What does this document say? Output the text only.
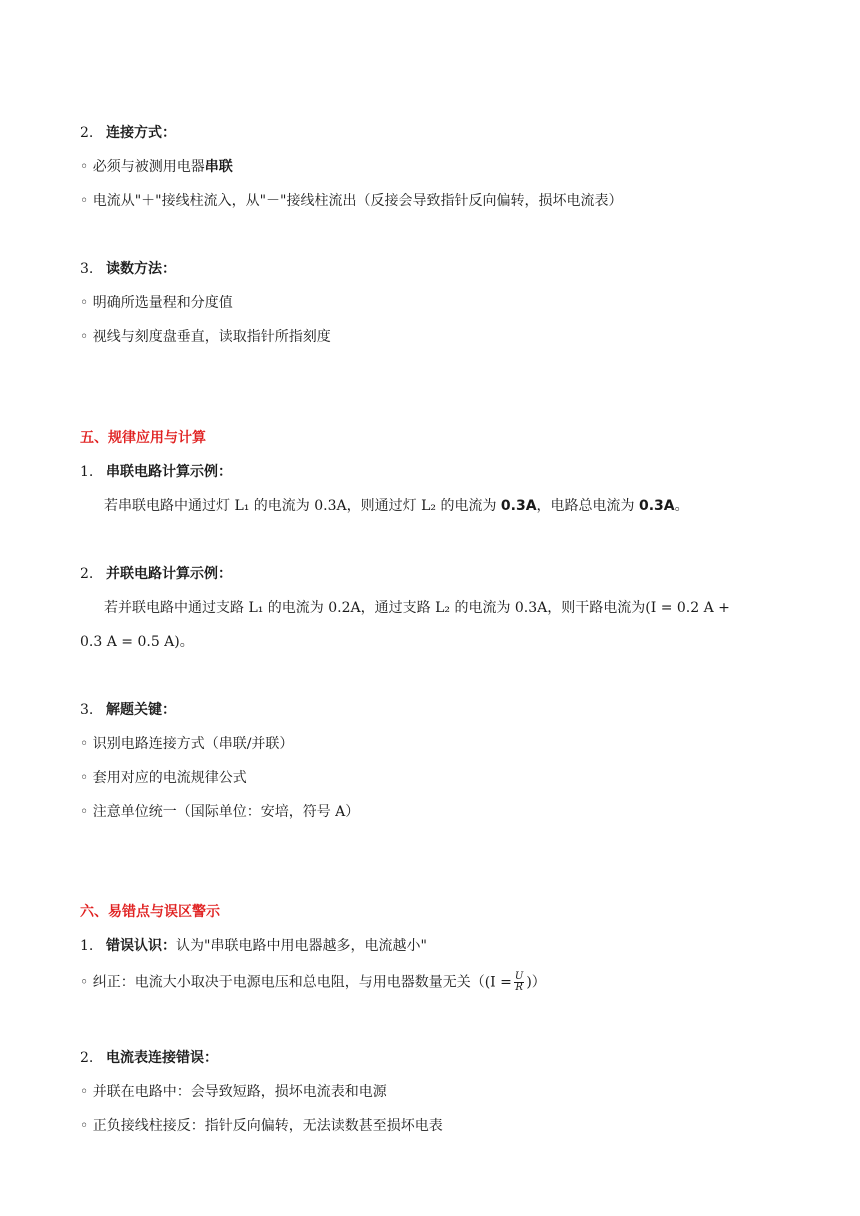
2. 连接方式：
◦ 必须与被测用电器串联
◦ 电流从"＋"接线柱流入，从"－"接线柱流出（反接会导致指针反向偏转，损坏电流表）
3. 读数方法：
◦ 明确所选量程和分度值
◦ 视线与刻度盘垂直，读取指针所指刻度
五、规律应用与计算
1. 串联电路计算示例：
若串联电路中通过灯 L₁ 的电流为 0.3A，则通过灯 L₂ 的电流为 0.3A，电路总电流为 0.3A。
2. 并联电路计算示例：
若并联电路中通过支路 L₁ 的电流为 0.2A，通过支路 L₂ 的电流为 0.3A，则干路电流为(I = 0.2 A +
0.3 A = 0.5 A)。
3. 解题关键：
◦ 识别电路连接方式（串联/并联）
◦ 套用对应的电流规律公式
◦ 注意单位统一（国际单位：安培，符号 A）
六、易错点与误区警示
1. 错误认识：认为"串联电路中用电器越多，电流越小"
◦ 纠正：电流大小取决于电源电压和总电阻，与用电器数量无关（($I = \frac{U}{R}$ )）
2. 电流表连接错误：
◦ 并联在电路中：会导致短路，损坏电流表和电源
◦ 正负接线柱接反：指针反向偏转，无法读数甚至损坏电表
